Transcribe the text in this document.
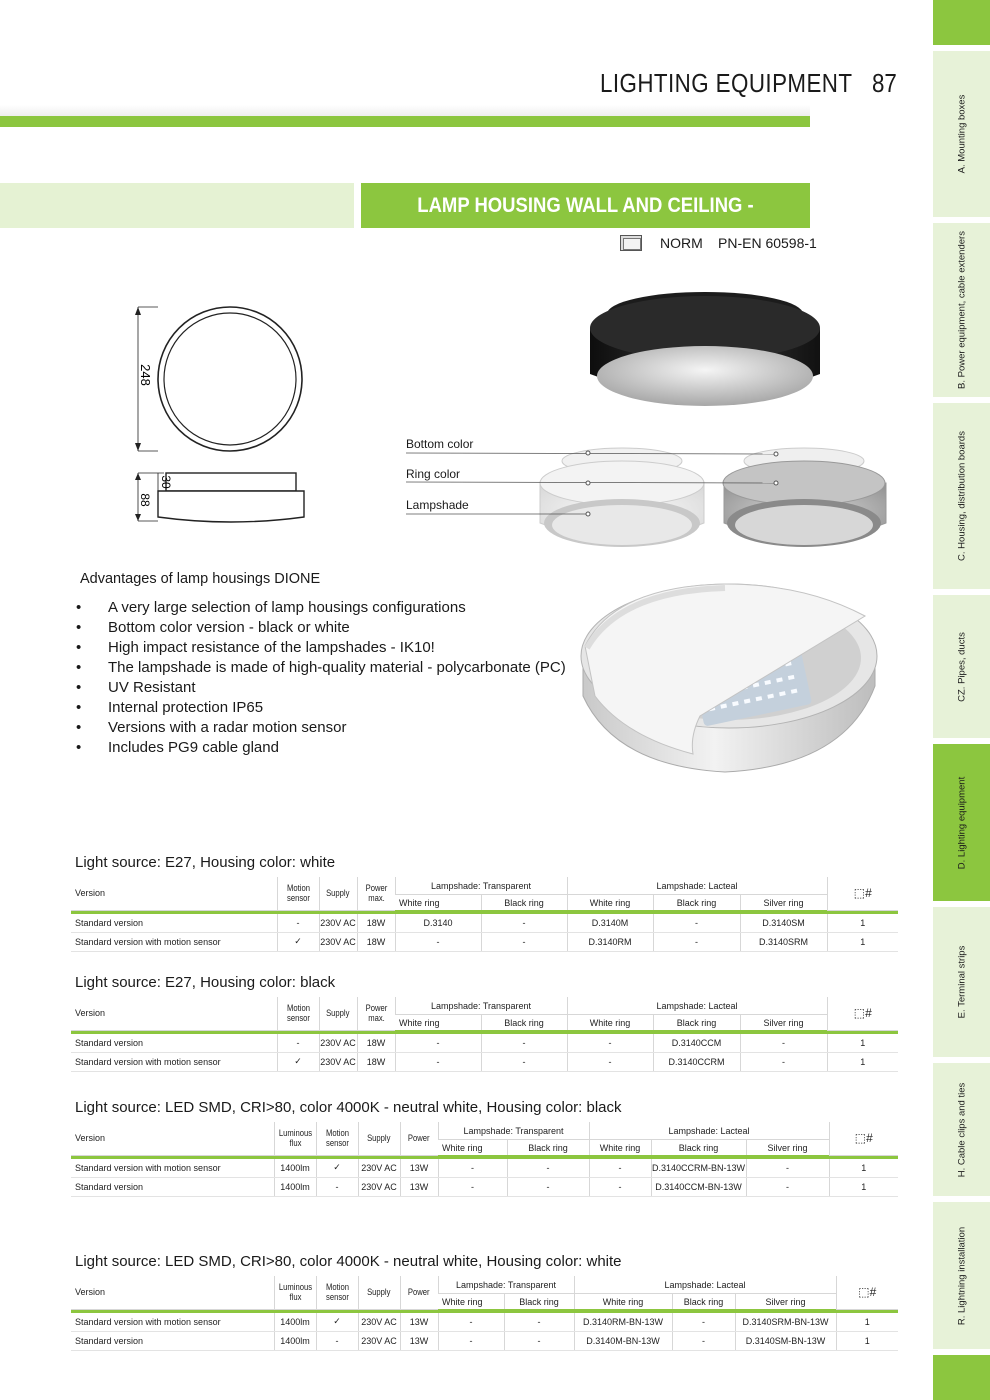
LIGHTING EQUIPMENT 87
LAMP HOUSING WALL AND CEILING - DIONE	NORM PN-EN 60598-1
248
30
88
Bottom color
Ring color
Lampshade
Advantages of lamp housings DIONE
• A very large selection of lamp housings configurations
• Bottom color version - black or white
• High impact resistance of the lampshades - IK10!
• The lampshade is made of high-quality material - polycarbonate (PC)
• UV Resistant
• Internal protection IP65
• Versions with a radar motion sensor
• Includes PG9 cable gland
Light source: E27, Housing color: white
Version	Motion sensor	Supply	Power max.	Lampshade: Transparent		Lampshade: Lacteal			⬚#
				White ring	Black ring	White ring	Black ring	Silver ring	

Standard version	-	230V AC	18W	D.3140	-	D.3140M	-	D.3140SM	1
Standard version with motion sensor	✓	230V AC	18W	-	-	D.3140RM	-	D.3140SRM	1
Light source: E27, Housing color: black
Version	Motion sensor	Supply	Power max.	Lampshade: Transparent		Lampshade: Lacteal			⬚#
				White ring	Black ring	White ring	Black ring	Silver ring	

Standard version	-	230V AC	18W	-	-	-	D.3140CCM	-	1
Standard version with motion sensor	✓	230V AC	18W	-	-	-	D.3140CCRM	-	1
Light source: LED SMD, CRI>80, color 4000K - neutral white, Housing color: black
Version	Luminous flux	Motion sensor	Supply	Power	Lampshade: Transparent		Lampshade: Lacteal			⬚#
					White ring	Black ring	White ring	Black ring	Silver ring	

Standard version with motion sensor	1400lm	✓	230V AC	13W	-	-	-	D.3140CCRM-BN-13W	-	1
Standard version	1400lm	-	230V AC	13W	-	-	-	D.3140CCM-BN-13W	-	1
Light source: LED SMD, CRI>80, color 4000K - neutral white, Housing color: white
Version	Luminous flux	Motion sensor	Supply	Power	Lampshade: Transparent		Lampshade: Lacteal			⬚#
					White ring	Black ring	White ring	Black ring	Silver ring	

Standard version with motion sensor	1400lm	✓	230V AC	13W	-	-	D.3140RM-BN-13W	-	D.3140SRM-BN-13W	1
Standard version	1400lm	-	230V AC	13W	-	-	D.3140M-BN-13W	-	D.3140SM-BN-13W	1
A. Mounting boxes
B. Power equipment, cable extenders
C. Housing, distribution boards
CZ. Pipes, ducts
D. Lighting equipment
E. Terminal strips
H. Cable clips and ties
R. Lightning installation
